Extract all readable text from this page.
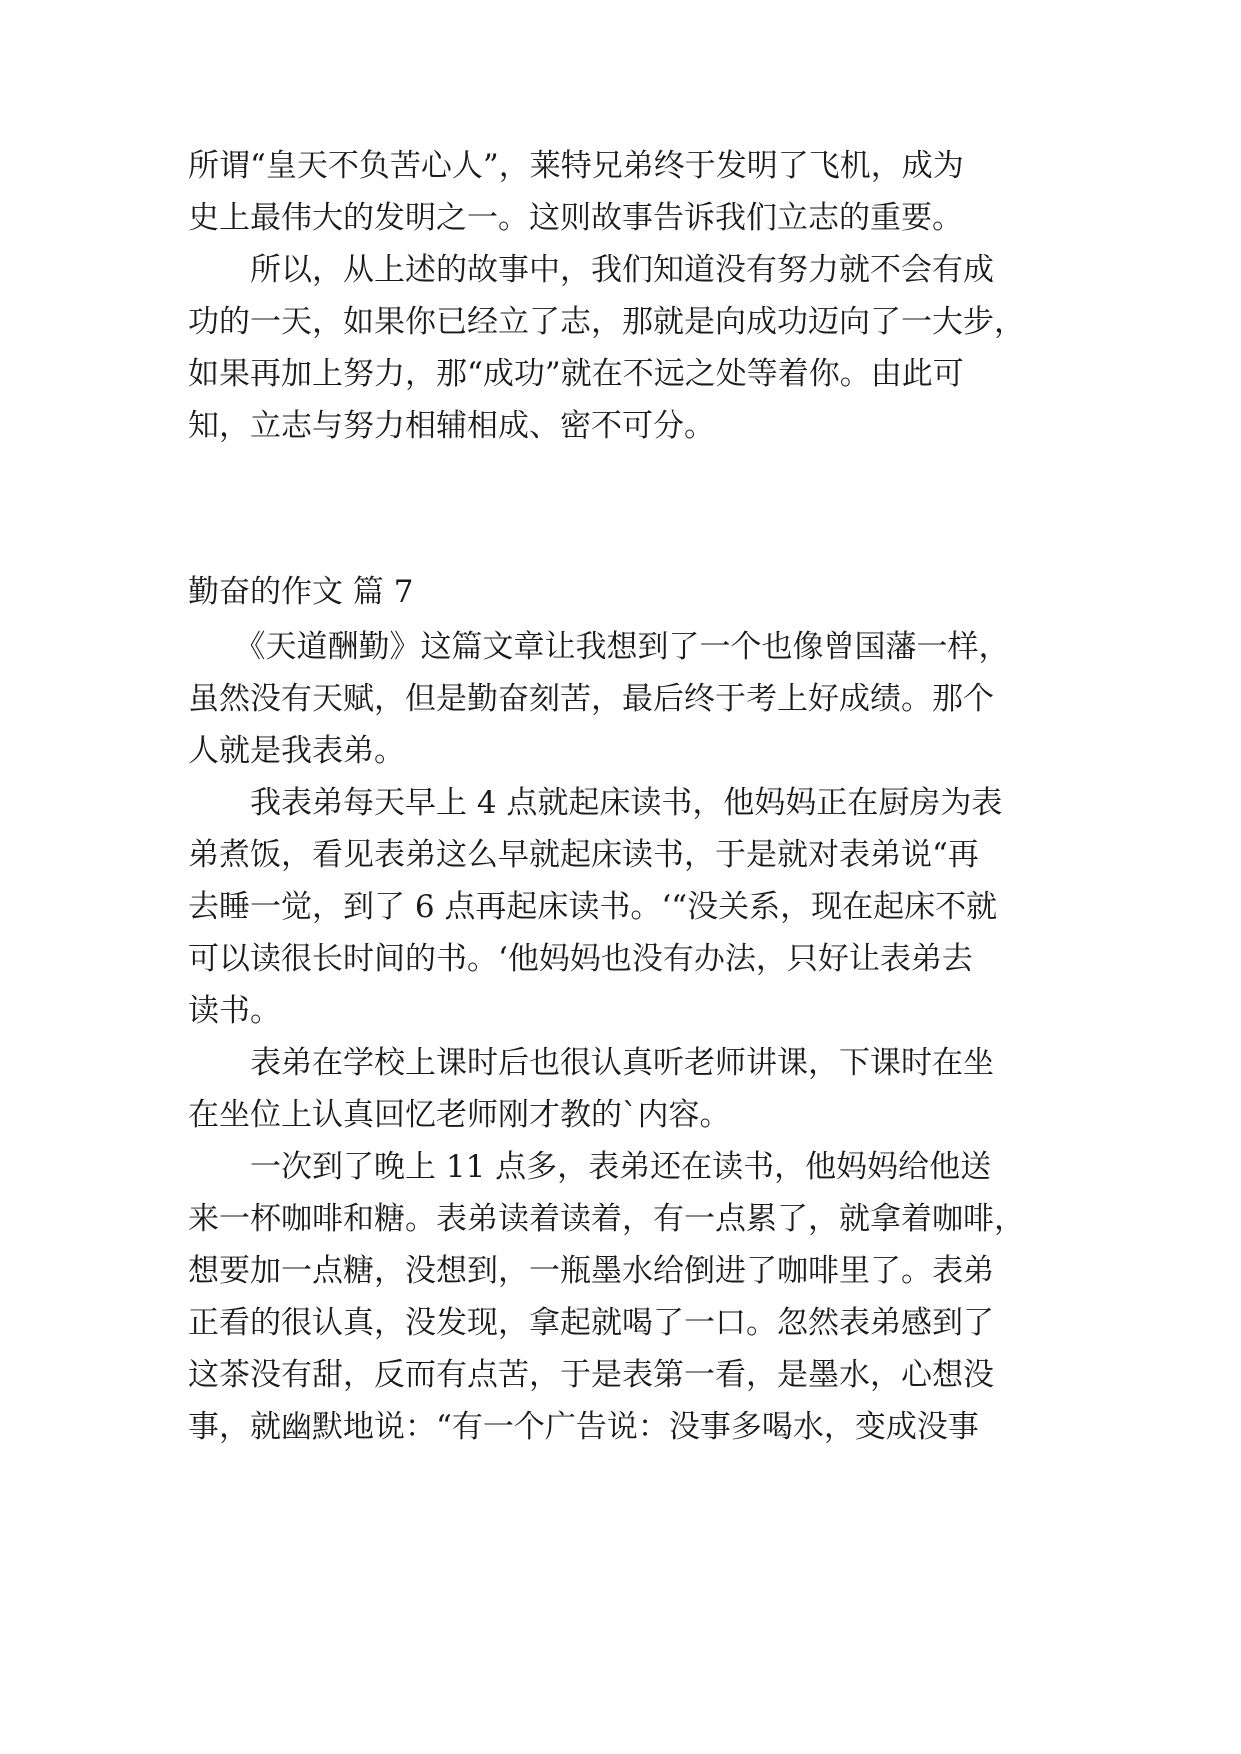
所谓“皇天不负苦心人”，莱特兄弟终于发明了飞机，成为
史上最伟大的发明之一。这则故事告诉我们立志的重要。
　　所以，从上述的故事中，我们知道没有努力就不会有成
功的一天，如果你已经立了志，那就是向成功迈向了一大步，
如果再加上努力，那“成功”就在不远之处等着你。由此可
知，立志与努力相辅相成、密不可分。
勤奋的作文 篇 7
　　《天道酬勤》这篇文章让我想到了一个也像曾国藩一样，
虽然没有天赋，但是勤奋刻苦，最后终于考上好成绩。那个
人就是我表弟。
　　我表弟每天早上 4 点就起床读书，他妈妈正在厨房为表
弟煮饭，看见表弟这么早就起床读书，于是就对表弟说“再
去睡一觉，到了 6 点再起床读书。‘“没关系，现在起床不就
可以读很长时间的书。‘他妈妈也没有办法，只好让表弟去
读书。
　　表弟在学校上课时后也很认真听老师讲课，下课时在坐
在坐位上认真回忆老师刚才教的`内容。
　　一次到了晚上 11 点多，表弟还在读书，他妈妈给他送
来一杯咖啡和糖。表弟读着读着，有一点累了，就拿着咖啡，
想要加一点糖，没想到，一瓶墨水给倒进了咖啡里了。表弟
正看的很认真，没发现，拿起就喝了一口。忽然表弟感到了
这茶没有甜，反而有点苦，于是表第一看，是墨水，心想没
事，就幽默地说：“有一个广告说：没事多喝水，变成没事
